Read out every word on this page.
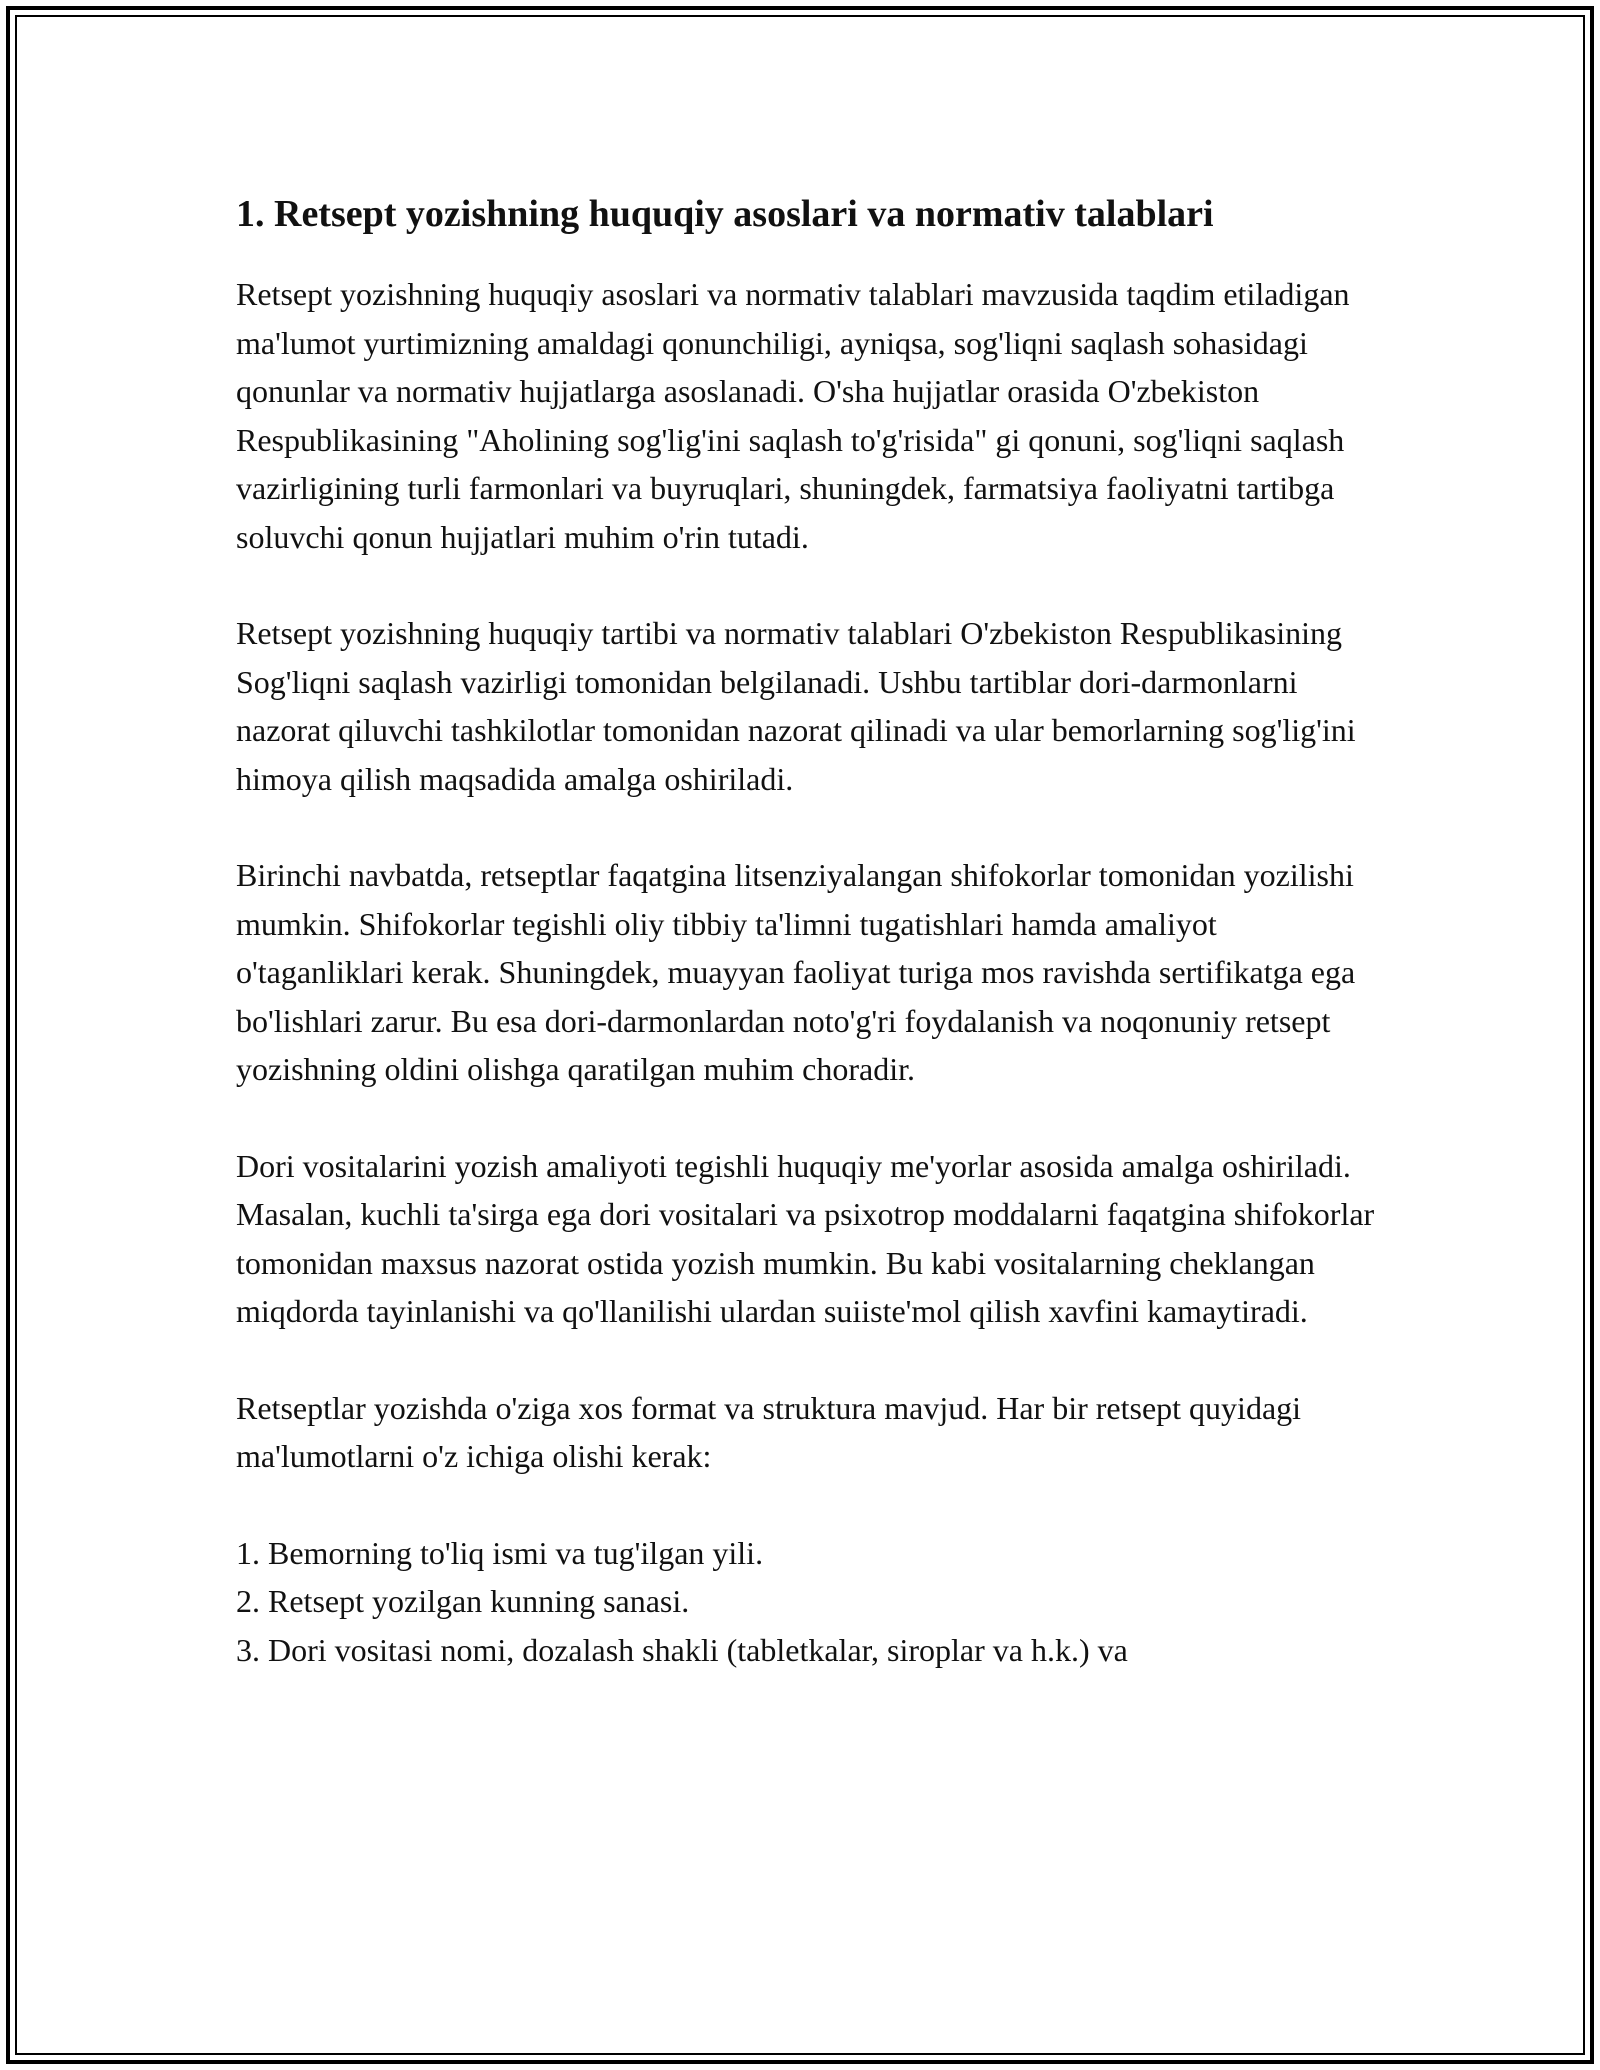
1. Retsept yozishning huquqiy asoslari va normativ talablari

Retsept yozishning huquqiy asoslari va normativ talablari mavzusida taqdim etiladigan ma'lumot yurtimizning amaldagi qonunchiligi, ayniqsa, sog'liqni saqlash sohasidagi qonunlar va normativ hujjatlarga asoslanadi. O'sha hujjatlar orasida O'zbekiston Respublikasining "Aholining sog'lig'ini saqlash to'g'risida" gi qonuni, sog'liqni saqlash vazirligining turli farmonlari va buyruqlari, shuningdek, farmatsiya faoliyatni tartibga soluvchi qonun hujjatlari muhim o'rin tutadi.

Retsept yozishning huquqiy tartibi va normativ talablari O'zbekiston Respublikasining Sog'liqni saqlash vazirligi tomonidan belgilanadi. Ushbu tartiblar dori-darmonlarni nazorat qiluvchi tashkilotlar tomonidan nazorat qilinadi va ular bemorlarning sog'lig'ini himoya qilish maqsadida amalga oshiriladi.

Birinchi navbatda, retseptlar faqatgina litsenziyalangan shifokorlar tomonidan yozilishi mumkin. Shifokorlar tegishli oliy tibbiy ta'limni tugatishlari hamda amaliyot o'taganliklari kerak. Shuningdek, muayyan faoliyat turiga mos ravishda sertifikatga ega bo'lishlari zarur. Bu esa dori-darmonlardan noto'g'ri foydalanish va noqonuniy retsept yozishning oldini olishga qaratilgan muhim choradir.

Dori vositalarini yozish amaliyoti tegishli huquqiy me'yorlar asosida amalga oshiriladi. Masalan, kuchli ta'sirga ega dori vositalari va psixotrop moddalarni faqatgina shifokorlar tomonidan maxsus nazorat ostida yozish mumkin. Bu kabi vositalarning cheklangan miqdorda tayinlanishi va qo'llanilishi ulardan suiiste'mol qilish xavfini kamaytiradi.

Retseptlar yozishda o'ziga xos format va struktura mavjud. Har bir retsept quyidagi ma'lumotlarni o'z ichiga olishi kerak:

1. Bemorning to'liq ismi va tug'ilgan yili.
2. Retsept yozilgan kunning sanasi.
3. Dori vositasi nomi, dozalash shakli (tabletkalar, siroplar va h.k.) va
